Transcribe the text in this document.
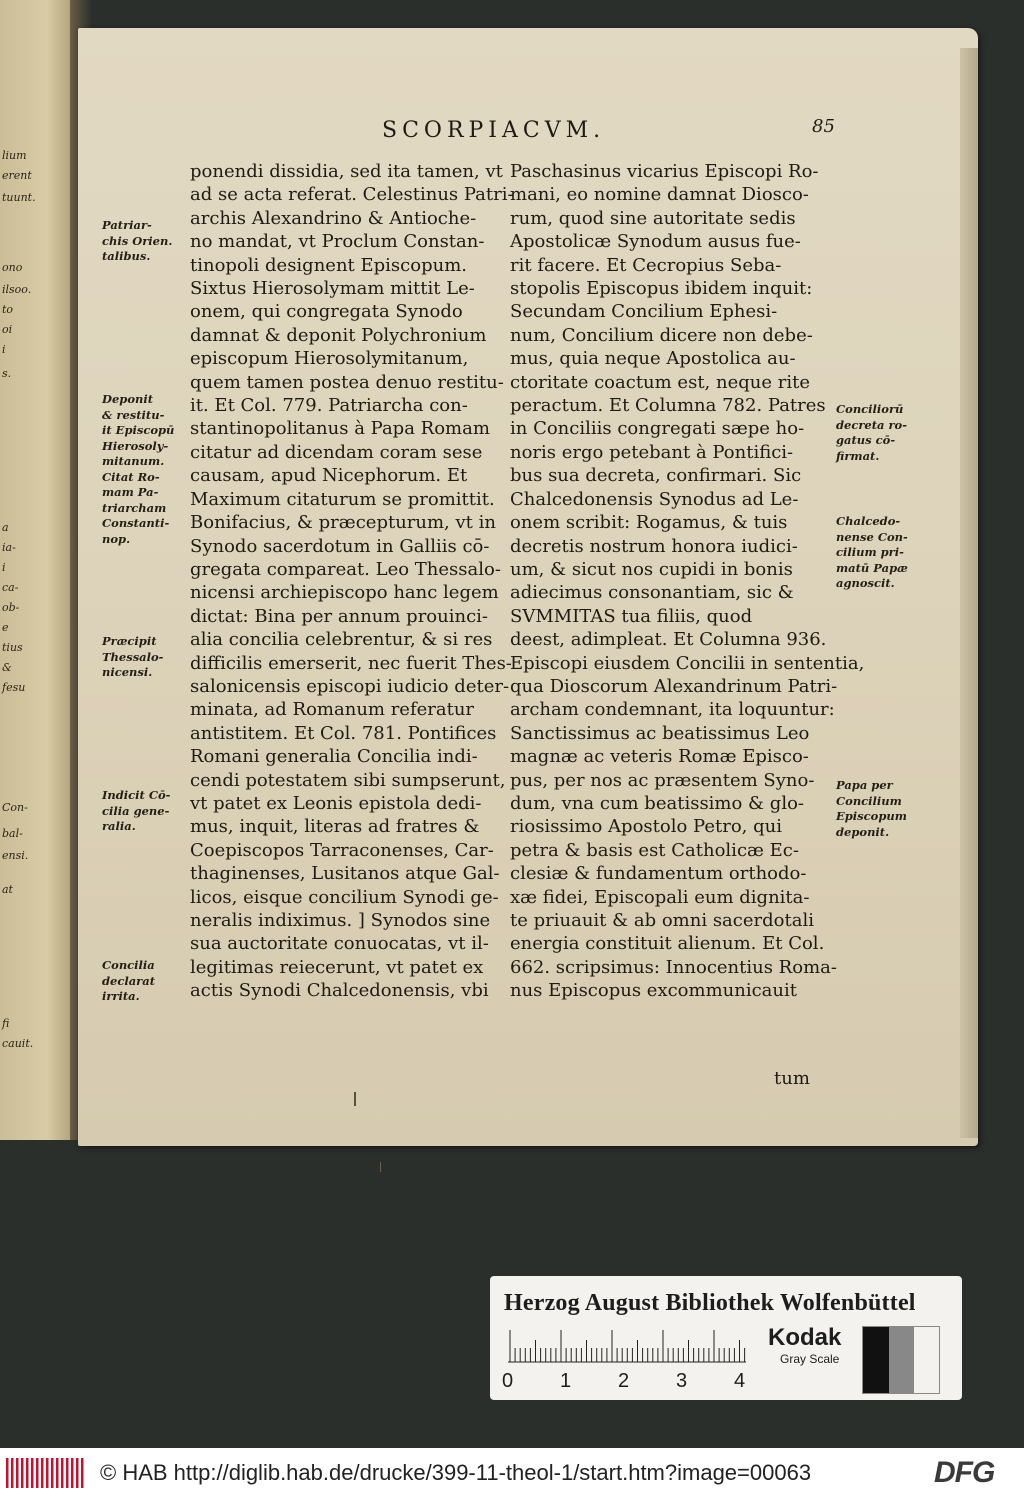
lium
erent
tuunt.
ono
ilsoo.
to
oi
i
s.
a
ia-
i
ca-
ob-
e
tius
&
fesu
Con-
bal-
ensi.
at
fi
cauit.
SCORPIACVM.	85
ponendi dissidia, sed ita tamen, vt
ad se acta referat. Celestinus Patri-
archis Alexandrino & Antioche-
no mandat, vt Proclum Constan-
tinopoli designent Episcopum.
Sixtus Hierosolymam mittit Le-
onem, qui congregata Synodo
damnat & deponit Polychronium
episcopum Hierosolymitanum,
quem tamen postea denuo restitu-
it. Et Col. 779. Patriarcha con-
stantinopolitanus à Papa Romam
citatur ad dicendam coram sese
causam, apud Nicephorum. Et
Maximum citaturum se promittit.
Bonifacius, & præcepturum, vt in
Synodo sacerdotum in Galliis cō-
gregata compareat. Leo Thessalo-
nicensi archiepiscopo hanc legem
dictat: Bina per annum prouinci-
alia concilia celebrentur, & si res
difficilis emerserit, nec fuerit Thes-
salonicensis episcopi iudicio deter-
minata, ad Romanum referatur
antistitem. Et Col. 781. Pontifices
Romani generalia Concilia indi-
cendi potestatem sibi sumpserunt,
vt patet ex Leonis epistola dedi-
mus, inquit, literas ad fratres &
Coepiscopos Tarraconenses, Car-
thaginenses, Lusitanos atque Gal-
licos, eisque concilium Synodi ge-
neralis indiximus. ] Synodos sine
sua auctoritate conuocatas, vt il-
legitimas reiecerunt, vt patet ex
actis Synodi Chalcedonensis, vbi
Paschasinus vicarius Episcopi Ro-
mani, eo nomine damnat Diosco-
rum, quod sine autoritate sedis
Apostolicæ Synodum ausus fue-
rit facere. Et Cecropius Seba-
stopolis Episcopus ibidem inquit:
Secundam Concilium Ephesi-
num, Concilium dicere non debe-
mus, quia neque Apostolica au-
ctoritate coactum est, neque rite
peractum. Et Columna 782. Patres
in Conciliis congregati sæpe ho-
noris ergo petebant à Pontifici-
bus sua decreta, confirmari. Sic
Chalcedonensis Synodus ad Le-
onem scribit: Rogamus, & tuis
decretis nostrum honora iudici-
um, & sicut nos cupidi in bonis
adiecimus consonantiam, sic &
SVMMITAS tua filiis, quod
deest, adimpleat. Et Columna 936.
Episcopi eiusdem Concilii in sententia,
qua Dioscorum Alexandrinum Patri-
archam condemnant, ita loquuntur:
Sanctissimus ac beatissimus Leo
magnæ ac veteris Romæ Episco-
pus, per nos ac præsentem Syno-
dum, vna cum beatissimo & glo-
riosissimo Apostolo Petro, qui
petra & basis est Catholicæ Ec-
clesiæ & fundamentum orthodo-
xæ fidei, Episcopali eum dignita-
te priuauit & ab omni sacerdotali
energia constituit alienum. Et Col.
662. scripsimus: Innocentius Roma-
nus Episcopus excommunicauit
Patriar-
chis Orien.
talibus.
Deponit
& restitu-
it Episcopū
Hierosoly-
mitanum.
Citat Ro-
mam Pa-
triarcham
Constanti-
nop.
Præcipit
Thessalo-
nicensi.
Indicit Cō-
cilia gene-
ralia.
Concilia
declarat
irrita.
Conciliorū
decreta ro-
gatus cō-
firmat.
Chalcedo-
nense Con-
cilium pri-
matū Papæ
agnoscit.
Papa per
Concilium
Episcopum
deponit.
tum
Herzog August Bibliothek Wolfenbüttel
0 1 2 3 4
Kodak
Gray Scale
© HAB http://diglib.hab.de/drucke/399-11-theol-1/start.htm?image=00063	DFG
